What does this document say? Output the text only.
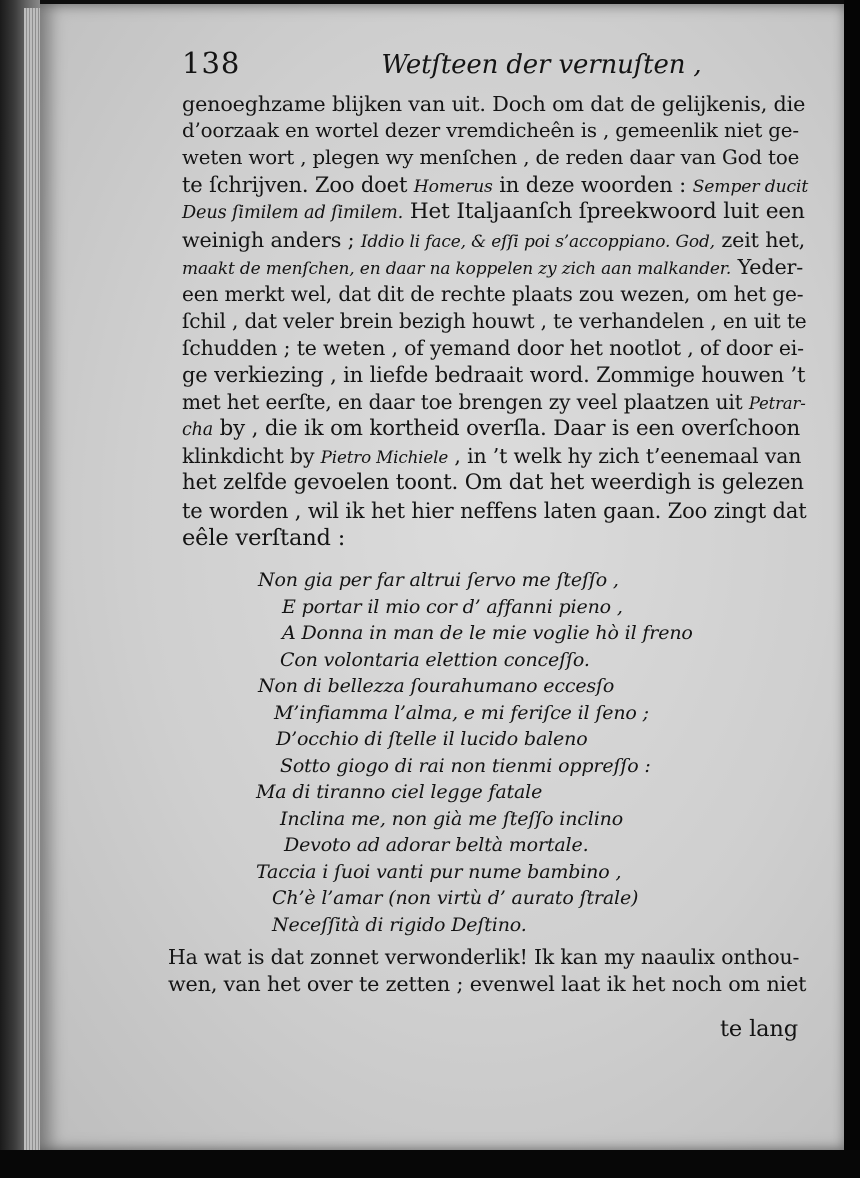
138	Wetſteen der vernuſten ,
genoeghzame blijken van uit. Doch om dat de gelijkenis, die
d’oorzaak en wortel dezer vremdicheên is , gemeenlik niet ge-
weten wort , plegen wy menſchen , de reden daar van God toe
te ſchrijven. Zoo doet Homerus in deze woorden : Semper ducit
Deus ſimilem ad ſimilem. Het Italjaanſch ſpreekwoord luit een
weinigh anders ; Iddio li face, & eſſi poi s’accoppiano. God, zeit het,
maakt de menſchen, en daar na koppelen zy zich aan malkander. Yeder-
een merkt wel, dat dit de rechte plaats zou wezen, om het ge-
ſchil , dat veler brein bezigh houwt , te verhandelen , en uit te
ſchudden ; te weten , of yemand door het nootlot , of door ei-
ge verkiezing , in liefde bedraait word. Zommige houwen ’t
met het eerſte, en daar toe brengen zy veel plaatzen uit Petrar-
cha by , die ik om kortheid overſla. Daar is een overſchoon
klinkdicht by Pietro Michiele , in ’t welk hy zich t’eenemaal van
het zelfde gevoelen toont. Om dat het weerdigh is gelezen
te worden , wil ik het hier neffens laten gaan. Zoo zingt dat
eêle verſtand :
Non gia per far altrui ſervo me ſteſſo ,
E portar il mio cor d’ affanni pieno ,
A Donna in man de le mie voglie hò il freno
Con volontaria elettion conceſſo.
Non di bellezza ſourahumano eccesſo
M’infiamma l’alma, e mi feriſce il ſeno ;
D’occhio di ſtelle il lucido baleno
Sotto giogo di rai non tienmi oppreſſo :
Ma di tiranno ciel legge fatale
Inclina me, non già me ſteſſo inclino
Devoto ad adorar beltà mortale.
Taccia i ſuoi vanti pur nume bambino ,
Ch’è l’amar (non virtù d’ aurato ſtrale)
Neceſſità di rigido Deſtino.
Ha wat is dat zonnet verwonderlik! Ik kan my naaulix onthou-
wen, van het over te zetten ; evenwel laat ik het noch om niet
te lang
